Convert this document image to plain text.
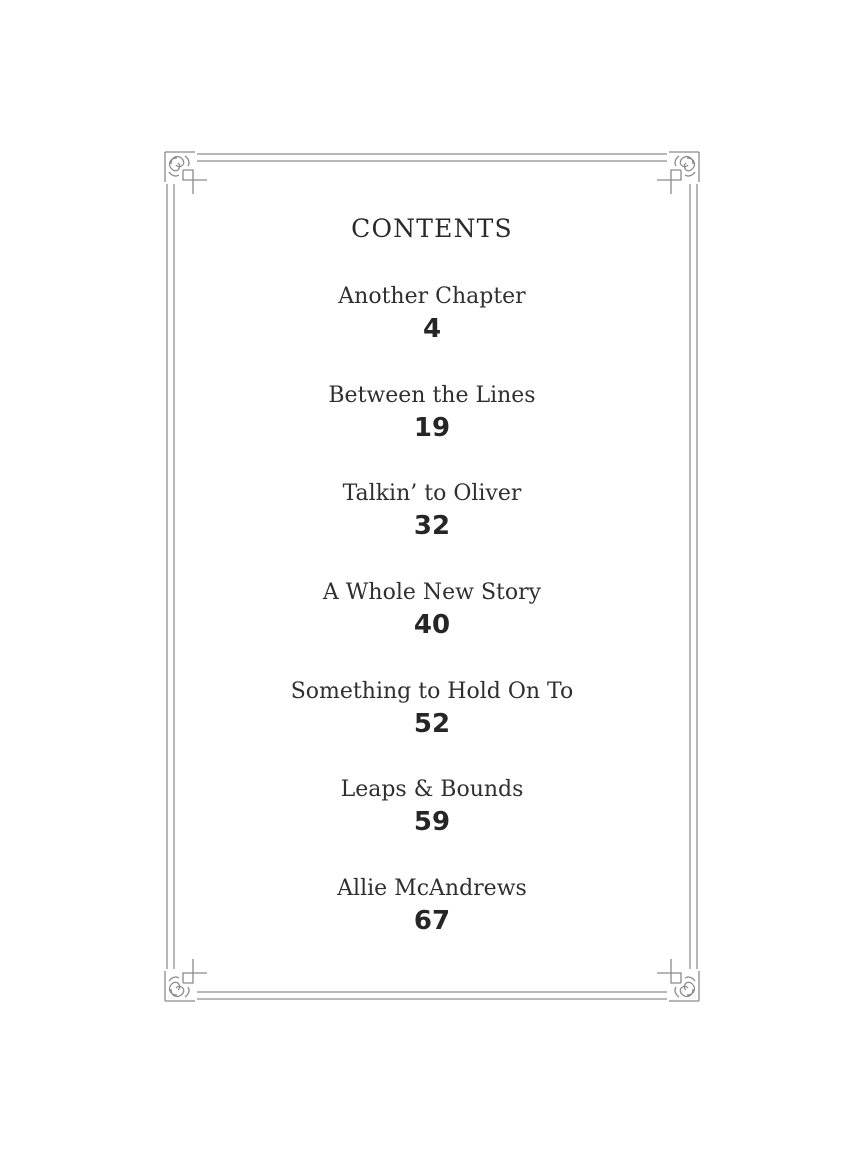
CONTENTS
Another Chapter
4
Between the Lines
19
Talkin’ to Oliver
32
A Whole New Story
40
Something to Hold On To
52
Leaps & Bounds
59
Allie McAndrews
67
